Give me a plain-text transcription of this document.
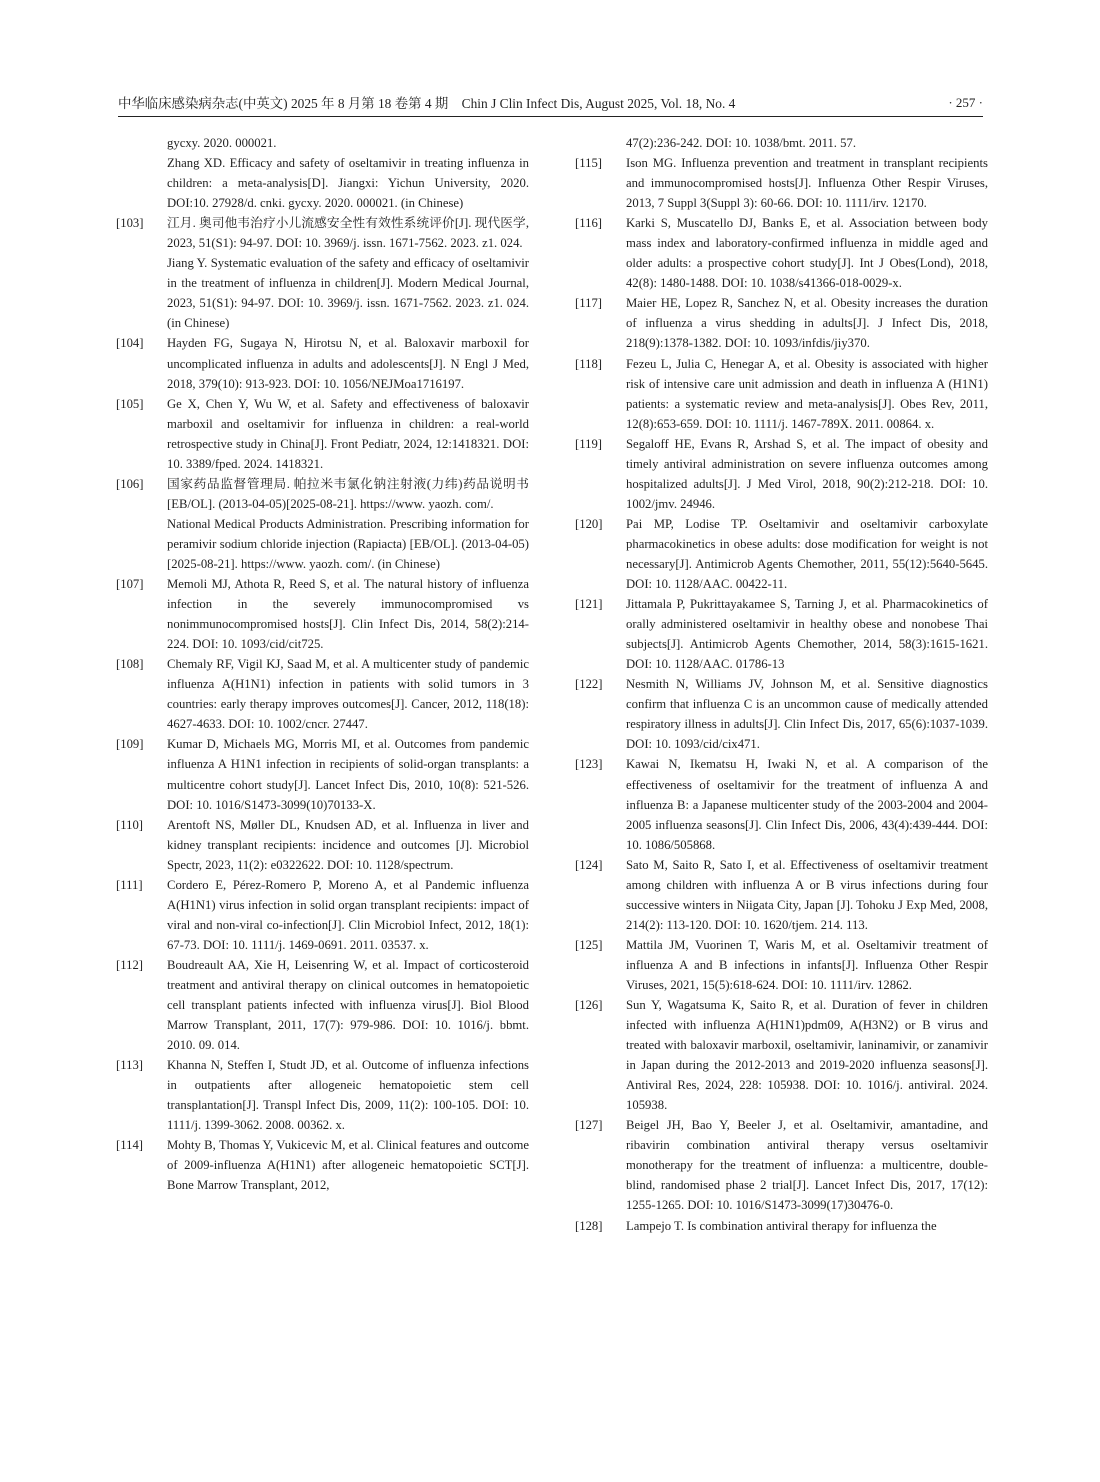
中华临床感染病杂志(中英文) 2025 年 8 月第 18 卷第 4 期　Chin J Clin Infect Dis, August 2025, Vol. 18, No. 4	· 257 ·
gycxy. 2020. 000021.
Zhang XD. Efficacy and safety of oseltamivir in treating influenza in children: a meta-analysis[D]. Jiangxi: Yichun University, 2020. DOI:10. 27928/d. cnki. gycxy. 2020. 000021. (in Chinese)
[103] 江月. 奥司他韦治疗小儿流感安全性有效性系统评价[J]. 现代医学, 2023, 51(S1): 94-97. DOI: 10. 3969/j. issn. 1671-7562. 2023. z1. 024.
Jiang Y. Systematic evaluation of the safety and efficacy of oseltamivir in the treatment of influenza in children[J]. Modern Medical Journal, 2023, 51(S1): 94-97. DOI: 10. 3969/j. issn. 1671-7562. 2023. z1. 024. (in Chinese)
[104] Hayden FG, Sugaya N, Hirotsu N, et al. Baloxavir marboxil for uncomplicated influenza in adults and adolescents[J]. N Engl J Med, 2018, 379(10): 913-923. DOI: 10. 1056/NEJMoa1716197.
[105] Ge X, Chen Y, Wu W, et al. Safety and effectiveness of baloxavir marboxil and oseltamivir for influenza in children: a real-world retrospective study in China[J]. Front Pediatr, 2024, 12:1418321. DOI: 10. 3389/fped. 2024. 1418321.
[106] 国家药品监督管理局. 帕拉米韦氯化钠注射液(力纬)药品说明书[EB/OL]. (2013-04-05)[2025-08-21]. https://www. yaozh. com/.
National Medical Products Administration. Prescribing information for peramivir sodium chloride injection (Rapiacta) [EB/OL]. (2013-04-05)[2025-08-21]. https://www. yaozh. com/. (in Chinese)
[107] Memoli MJ, Athota R, Reed S, et al. The natural history of influenza infection in the severely immunocompromised vs nonimmunocompromised hosts[J]. Clin Infect Dis, 2014, 58(2):214-224. DOI: 10. 1093/cid/cit725.
[108] Chemaly RF, Vigil KJ, Saad M, et al. A multicenter study of pandemic influenza A(H1N1) infection in patients with solid tumors in 3 countries: early therapy improves outcomes[J]. Cancer, 2012, 118(18): 4627-4633. DOI: 10. 1002/cncr. 27447.
[109] Kumar D, Michaels MG, Morris MI, et al. Outcomes from pandemic influenza A H1N1 infection in recipients of solid-organ transplants: a multicentre cohort study[J]. Lancet Infect Dis, 2010, 10(8): 521-526. DOI: 10. 1016/S1473-3099(10)70133-X.
[110] Arentoft NS, Møller DL, Knudsen AD, et al. Influenza in liver and kidney transplant recipients: incidence and outcomes [J]. Microbiol Spectr, 2023, 11(2): e0322622. DOI: 10. 1128/spectrum.
[111] Cordero E, Pérez-Romero P, Moreno A, et al Pandemic influenza A(H1N1) virus infection in solid organ transplant recipients: impact of viral and non-viral co-infection[J]. Clin Microbiol Infect, 2012, 18(1): 67-73. DOI: 10. 1111/j. 1469-0691. 2011. 03537. x.
[112] Boudreault AA, Xie H, Leisenring W, et al. Impact of corticosteroid treatment and antiviral therapy on clinical outcomes in hematopoietic cell transplant patients infected with influenza virus[J]. Biol Blood Marrow Transplant, 2011, 17(7): 979-986. DOI: 10. 1016/j. bbmt. 2010. 09. 014.
[113] Khanna N, Steffen I, Studt JD, et al. Outcome of influenza infections in outpatients after allogeneic hematopoietic stem cell transplantation[J]. Transpl Infect Dis, 2009, 11(2): 100-105. DOI: 10. 1111/j. 1399-3062. 2008. 00362. x.
[114] Mohty B, Thomas Y, Vukicevic M, et al. Clinical features and outcome of 2009-influenza A(H1N1) after allogeneic hematopoietic SCT[J]. Bone Marrow Transplant, 2012,
47(2):236-242. DOI: 10. 1038/bmt. 2011. 57.
[115] Ison MG. Influenza prevention and treatment in transplant recipients and immunocompromised hosts[J]. Influenza Other Respir Viruses, 2013, 7 Suppl 3(Suppl 3): 60-66. DOI: 10. 1111/irv. 12170.
[116] Karki S, Muscatello DJ, Banks E, et al. Association between body mass index and laboratory-confirmed influenza in middle aged and older adults: a prospective cohort study[J]. Int J Obes(Lond), 2018, 42(8): 1480-1488. DOI: 10. 1038/s41366-018-0029-x.
[117] Maier HE, Lopez R, Sanchez N, et al. Obesity increases the duration of influenza a virus shedding in adults[J]. J Infect Dis, 2018, 218(9):1378-1382. DOI: 10. 1093/infdis/jiy370.
[118] Fezeu L, Julia C, Henegar A, et al. Obesity is associated with higher risk of intensive care unit admission and death in influenza A (H1N1) patients: a systematic review and meta-analysis[J]. Obes Rev, 2011, 12(8):653-659. DOI: 10. 1111/j. 1467-789X. 2011. 00864. x.
[119] Segaloff HE, Evans R, Arshad S, et al. The impact of obesity and timely antiviral administration on severe influenza outcomes among hospitalized adults[J]. J Med Virol, 2018, 90(2):212-218. DOI: 10. 1002/jmv. 24946.
[120] Pai MP, Lodise TP. Oseltamivir and oseltamivir carboxylate pharmacokinetics in obese adults: dose modification for weight is not necessary[J]. Antimicrob Agents Chemother, 2011, 55(12):5640-5645. DOI: 10. 1128/AAC. 00422-11.
[121] Jittamala P, Pukrittayakamee S, Tarning J, et al. Pharmacokinetics of orally administered oseltamivir in healthy obese and nonobese Thai subjects[J]. Antimicrob Agents Chemother, 2014, 58(3):1615-1621. DOI: 10. 1128/AAC. 01786-13
[122] Nesmith N, Williams JV, Johnson M, et al. Sensitive diagnostics confirm that influenza C is an uncommon cause of medically attended respiratory illness in adults[J]. Clin Infect Dis, 2017, 65(6):1037-1039. DOI: 10. 1093/cid/cix471.
[123] Kawai N, Ikematsu H, Iwaki N, et al. A comparison of the effectiveness of oseltamivir for the treatment of influenza A and influenza B: a Japanese multicenter study of the 2003-2004 and 2004-2005 influenza seasons[J]. Clin Infect Dis, 2006, 43(4):439-444. DOI: 10. 1086/505868.
[124] Sato M, Saito R, Sato I, et al. Effectiveness of oseltamivir treatment among children with influenza A or B virus infections during four successive winters in Niigata City, Japan [J]. Tohoku J Exp Med, 2008, 214(2): 113-120. DOI: 10. 1620/tjem. 214. 113.
[125] Mattila JM, Vuorinen T, Waris M, et al. Oseltamivir treatment of influenza A and B infections in infants[J]. Influenza Other Respir Viruses, 2021, 15(5):618-624. DOI: 10. 1111/irv. 12862.
[126] Sun Y, Wagatsuma K, Saito R, et al. Duration of fever in children infected with influenza A(H1N1)pdm09, A(H3N2) or B virus and treated with baloxavir marboxil, oseltamivir, laninamivir, or zanamivir in Japan during the 2012-2013 and 2019-2020 influenza seasons[J]. Antiviral Res, 2024, 228: 105938. DOI: 10. 1016/j. antiviral. 2024. 105938.
[127] Beigel JH, Bao Y, Beeler J, et al. Oseltamivir, amantadine, and ribavirin combination antiviral therapy versus oseltamivir monotherapy for the treatment of influenza: a multicentre, double-blind, randomised phase 2 trial[J]. Lancet Infect Dis, 2017, 17(12): 1255-1265. DOI: 10. 1016/S1473-3099(17)30476-0.
[128] Lampejo T. Is combination antiviral therapy for influenza the
